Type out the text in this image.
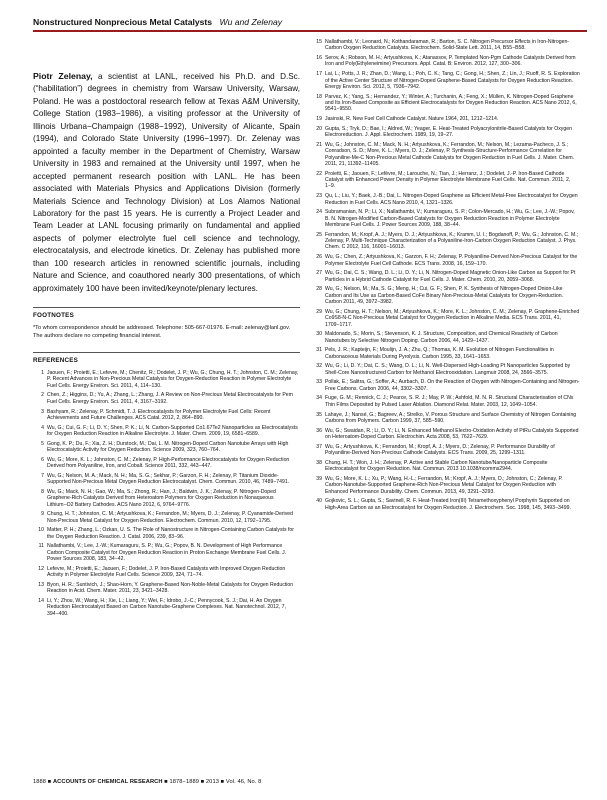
Nonstructured Nonprecious Metal Catalysts Wu and Zelenay

Piotr Zelenay, a scientist at LANL, received his Ph.D. and D.Sc. (“habilitation”) degrees in chemistry from Warsaw University, Warsaw, Poland. He was a postdoctoral research fellow at Texas A&M University, College Station (1983−1986), a visiting professor at the University of Illinois Urbana−Champaign (1988−1992), University of Alicante, Spain (1994), and Colorado State University (1996−1997). Dr. Zelenay was appointed a faculty member in the Department of Chemistry, Warsaw University in 1983 and remained at the University until 1997, when he accepted permanent research position with LANL. He has been associated with Materials Physics and Applications Division (formerly Materials Science and Technology Division) at Los Alamos National Laboratory for the past 15 years. He is currently a Project Leader and Team Leader at LANL focusing primarily on fundamental and applied aspects of polymer electrolyte fuel cell science and technology, electrocatalysis, and electrode kinetics. Dr. Zelenay has published more than 100 research articles in renowned scientific journals, including Nature and Science, and coauthored nearly 300 presentations, of which approximately 100 have been invited/keynote/plenary lectures.

FOOTNOTES

*To whom correspondence should be addressed. Telephone: 505-667-01976. E-mail: zelenay@lanl.gov.

The authors declare no competing financial interest.

REFERENCES
1 Jaouen, F.; Proietti, E.; Lefevre, M.; Chenitz, R.; Dodelet, J. P.; Wu, G.; Chung, H. T.; Johnston, C. M.; Zelenay, P. Recent Advances in Non-Precious Metal Catalysis for Oxygen-Reduction Reaction in Polymer Electrolyte Fuel Cells. Energy Environ. Sci. 2011, 4, 114−130.
2 Chen, Z.; Higgins, D.; Yu, A.; Zhang, L.; Zhang, J. A Review on Non-Precious Metal Electrocatalysts for Pem Fuel Cells. Energy Environ. Sci. 2011, 4, 3167−3192.
3 Bashyam, R.; Zelenay, P. Schmidt, T. J. Electrocatalysts for Polymer Electrolyte Fuel Cells: Recent Achievements and Future Challenges. ACS Catal. 2012, 2, 864−890.
4 Wu, G.; Cui, G. F.; Li, D. Y.; Shen, P. K.; Li, N. Carbon-Supported Co1.67Te2 Nanoparticles as Electrocatalysts for Oxygen Reduction Reaction in Alkaline Electrolyte. J. Mater. Chem. 2009, 19, 6581−6589.
5 Gong, K. P.; Du, F.; Xia, Z. H.; Durstock, M.; Dai, L. M. Nitrogen-Doped Carbon Nanotube Arrays with High Electrocatalytic Activity for Oxygen Reduction. Science 2009, 323, 760−764.
6 Wu, G.; More, K. L.; Johnston, C. M.; Zelenay, P. High-Performance Electrocatalysts for Oxygen Reduction Derived from Polyaniline, Iron, and Cobalt. Science 2011, 332, 443−447.
7 Wu, G.; Nelson, M. A.; Mack, N. H.; Ma, S. G.; Sekhar, P.; Garzon, F. H.; Zelenay, P. Titanium Dioxide-Supported Non-Precious Metal Oxygen Reduction Electrocatalyst. Chem. Commun. 2010, 46, 7489−7491.
8 Wu, G.; Mack, N. H.; Gao, W.; Ma, S.; Zhong, R.; Han, J.; Baldwin, J. K.; Zelenay, P. Nitrogen-Doped Graphene-Rich Catalysts Derived from Heteroatom Polymers for Oxygen Reduction in Nonaqueous Lithium−O2 Battery Cathodes. ACS Nano 2012, 6, 9764−9776.
9 Chung, H. T.; Johnston, C. M.; Artyushkova, K.; Ferrandon, M.; Myers, D. J.; Zelenay, P. Cyanamide-Derived Non-Precious Metal Catalyst for Oxygen Reduction. Electrochem. Commun. 2010, 12, 1792−1795.
10 Matter, P. H.; Zhang, L.; Ozkan, U. S. The Role of Nanostructure in Nitrogen-Containing Carbon Catalysts for the Oxygen Reduction Reaction. J. Catal. 2006, 239, 83−96.
11 Nallathambi, V.; Lee, J.-W.; Kumaraguru, S. P.; Wu, G.; Popov, B. N. Development of High Performance Carbon Composite Catalyst for Oxygen Reduction Reaction in Proton Exchange Membrane Fuel Cells. J. Power Sources 2008, 183, 34−42.
12 Lefevre, M.; Proietti, E.; Jaouen, F.; Dodelet, J. P. Iron-Based Catalysts with Improved Oxygen Reduction Activity in Polymer Electrolyte Fuel Cells. Science 2009, 324, 71−74.
13 Byon, H. R.; Suntivich, J.; Shao-Horn, Y. Graphene-Based Non-Noble-Metal Catalysts for Oxygen Reduction Reaction in Acid. Chem. Mater. 2011, 23, 3421−3428.
14 Li, Y.; Zhou, W.; Wang, H.; Xie, L.; Liang, Y.; Wei, F.; Idrobo, J.-C.; Pennycook, S. J.; Dai, H. An Oxygen Reduction Electrocatalyst Based on Carbon Nanotube-Graphene Complexes. Nat. Nanotechnol. 2012, 7, 394−400.
15 Nallathambi, V.; Leonard, N.; Kothandaraman, R.; Barton, S. C. Nitrogen Precursor Effects in Iron-Nitrogen-Carbon Oxygen Reduction Catalysts. Electrochem. Solid-State Lett. 2011, 14, B55−B58.
16 Serov, A.; Robson, M. H.; Artyushkova, K.; Atanassov, P. Templated Non-Pgm Cathode Catalysts Derived from Iron and Poly(Ethyleneimine) Precursors. Appl. Catal. B: Environ. 2012, 127, 300−306.
17 Lai, L.; Potts, J. R.; Zhan, D.; Wang, L.; Poh, C. K.; Tang, C.; Gong, H.; Shen, Z.; Lin, J.; Ruoff, R. S. Exploration of the Active Center Structure of Nitrogen-Doped Graphene-Based Catalysts for Oxygen Reduction Reaction. Energy Environ. Sci. 2012, 5, 7936−7942.
18 Parvez, K.; Yang, S.; Hernandez, Y.; Winter, A.; Turchanin, A.; Feng, X.; Müllen, K. Nitrogen-Doped Graphene and Its Iron-Based Composite as Efficient Electrocatalysts for Oxygen Reduction Reaction. ACS Nano 2012, 6, 9541−9550.
19 Jasinski, R. New Fuel Cell Cathode Catalyst. Nature 1964, 201, 1212−1214.
20 Gupta, S.; Tryk, D.; Bae, I.; Aldred, W.; Yeager, E. Heat-Treated Polyacrylonitrile-Based Catalysts for Oxygen Electroreduction. J. Appl. Electrochem. 1989, 19, 19−27.
21 Wu, G.; Johnston, C. M.; Mack, N. H.; Artyushkova, K.; Ferrandon, M.; Nelson, M.; Lezama-Pacheco, J. S.; Conradson, S. D.; More, K. L.; Myers, D. J.; Zelenay, P. Synthesis-Structure-Performance Correlation for Polyaniline-Me-C Non-Precious Metal Cathode Catalysts for Oxygen Reduction in Fuel Cells. J. Mater. Chem. 2011, 21, 11392−11405.
22 Proietti, E.; Jaouen, F.; Lefèvre, M.; Larouche, N.; Tian, J.; Herranz, J.; Dodelet, J.-P. Iron-Based Cathode Catalyst with Enhanced Power Density in Polymer Electrolyte Membrane Fuel Cells. Nat. Commun. 2011, 2, 1−9.
23 Qu, L.; Liu, Y.; Baek, J.-B.; Dai, L. Nitrogen-Doped Graphene as Efficient Metal-Free Electrocatalyst for Oxygen Reduction in Fuel Cells. ACS Nano 2010, 4, 1321−1326.
24 Subramanian, N. P.; Li, X.; Nallathambi, V.; Kumaraguru, S. P.; Colon-Mercado, H.; Wu, G.; Lee, J.-W.; Popov, B. N. Nitrogen-Modified Carbon-Based Catalysts for Oxygen Reduction Reaction in Polymer Electrolyte Membrane Fuel Cells. J. Power Sources 2009, 188, 38−44.
25 Ferrandon, M.; Kropf, A. J.; Myers, D. J.; Artyushkova, K.; Kramm, U. I.; Bogdanoff, P.; Wu, G.; Johnston, C. M.; Zelenay, P. Multi-Technique Characterization of a Polyaniline-Iron-Carbon Oxygen Reduction Catalyst. J. Phys. Chem. C 2012, 116, 16001−16013.
26 Wu, G.; Chen, Z.; Artyushkova, K.; Garzon, F. H.; Zelenay, P. Polyaniline-Derived Non-Precious Catalyst for the Polymer Electrolyte Fuel Cell Cathode. ECS Trans. 2008, 16, 159−170.
27 Wu, G.; Dai, C. S.; Wang, D. L.; Li, D. Y.; Li, N. Nitrogen-Doped Magnetic Onion-Like Carbon as Support for Pt Particles in a Hybrid Cathode Catalyst for Fuel Cells. J. Mater. Chem. 2010, 20, 3059−3068.
28 Wu, G.; Nelson, M.; Ma, S. G.; Meng, H.; Cui, G. F.; Shen, P. K. Synthesis of Nitrogen-Doped Onion-Like Carbon and Its Use as Carbon-Based CoFe Binary Non-Precious-Metal Catalysts for Oxygen-Reduction. Carbon 2011, 49, 3972−3982.
29 Wu, G.; Chung, H. T.; Nelson, M.; Artyushkova, K.; More, K. L.; Johnston, C. M.; Zelenay, P. Graphene-Enriched Co9S8-N-C Non-Precious Metal Catalyst for Oxygen Reduction in Alkaline Media. ECS Trans. 2011, 41, 1709−1717.
30 Maldonado, S.; Morin, S.; Stevenson, K. J. Structure, Composition, and Chemical Reactivity of Carbon Nanotubes by Selective Nitrogen Doping. Carbon 2006, 44, 1429−1437.
31 Pels, J. R.; Kapteijn, F.; Moulijn, J. A.; Zhu, Q.; Thomas, K. M. Evolution of Nitrogen Functionalities in Carbonaceous Materials During Pyrolysis. Carbon 1995, 33, 1641−1653.
32 Wu, G.; Li, D. Y.; Dai, C. S.; Wang, D. L.; Li, N. Well-Dispersed High-Loading Pt Nanoparticles Supported by Shell-Core Nanostructured Carbon for Methanol Electrooxidation. Langmuir 2008, 24, 3566−3575.
33 Pollak, E.; Salitra, G.; Soffer, A.; Aurbach, D. On the Reaction of Oxygen with Nitrogen-Containing and Nitrogen-Free Carbons. Carbon 2006, 44, 3302−3307.
34 Fuge, G. M.; Rennick, C. J.; Pearce, S. R. J.; May, P. W.; Ashfold, M. N. R. Structural Characterisation of CNx Thin Films Deposited by Pulsed Laser Ablation. Diamond Relat. Mater. 2003, 12, 1049−1054.
35 Lahaye, J.; Nansé, G.; Bagreev, A.; Strelko, V. Porous Structure and Surface Chemistry of Nitrogen Containing Carbons from Polymers. Carbon 1999, 37, 585−590.
36 Wu, G.; Swaidan, R.; Li, D. Y.; Li, N. Enhanced Methanol Electro-Oxidation Activity of PtRu Catalysts Supported on Heteroatom-Doped Carbon. Electrochim. Acta 2008, 53, 7622−7629.
37 Wu, G.; Artyushkova, K.; Ferrandon, M.; Kropf, A. J.; Myers, D.; Zelenay, P. Performance Durability of Polyaniline-Derived Non-Precious Cathode Catalysts. ECS Trans. 2009, 25, 1299−1311.
38 Chung, H. T.; Won, J. H.; Zelenay, P. Active and Stable Carbon Nanotube/Nanoparticle Composite Electrocatalyst for Oxygen Reduction. Nat. Commun. 2013 10.1038/ncomms2944.
39 Wu, G.; More, K. L.; Xu, P.; Wang, H.-L.; Ferrandon, M.; Kropf, A. J.; Myers, D.; Johnston, C.; Zelenay, P. Carbon-Nanotube-Supported Graphene-Rich Non-Precious Metal Catalyst for Oxygen Reduction with Enhanced Performance Durability. Chem. Commun. 2013, 49, 3291−3293.
40 Gojkovic, S. L.; Gupta, S.; Savinell, R. F. Heat-Treated Iron(III) Tetramethoxyphenyl Porphyrin Supported on High-Area Carbon as an Electrocatalyst for Oxygen Reduction. J. Electrochem. Soc. 1998, 145, 3493−3499.
1888 ■ ACCOUNTS OF CHEMICAL RESEARCH ■ 1878−1889 ■ 2013 ■ Vol. 46, No. 8
